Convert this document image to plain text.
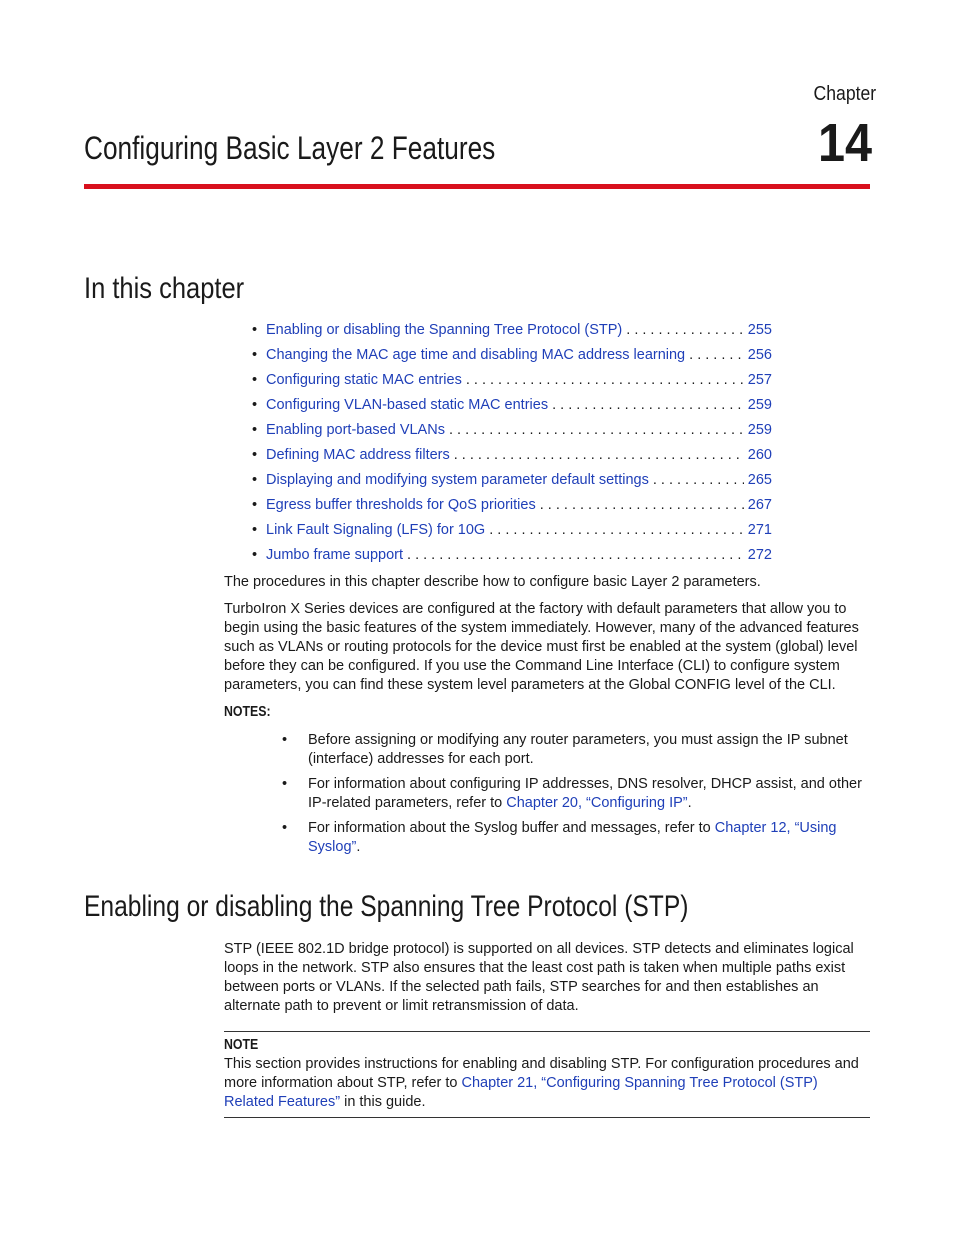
Chapter
14
Configuring Basic Layer 2 Features
In this chapter
• Enabling or disabling the Spanning Tree Protocol (STP) . . .	255
• Changing the MAC age time and disabling MAC address learning . . .	256
• Configuring static MAC entries . . .	257
• Configuring VLAN-based static MAC entries . . .	259
• Enabling port-based VLANs . . .	259
• Defining MAC address filters . . .	260
• Displaying and modifying system parameter default settings . . .	265
• Egress buffer thresholds for QoS priorities . . .	267
• Link Fault Signaling (LFS) for 10G . . .	271
• Jumbo frame support . . .	272

The procedures in this chapter describe how to configure basic Layer 2 parameters.

TurboIron X Series devices are configured at the factory with default parameters that allow you to begin using the basic features of the system immediately. However, many of the advanced features such as VLANs or routing protocols for the device must first be enabled at the system (global) level before they can be configured. If you use the Command Line Interface (CLI) to configure system parameters, you can find these system level parameters at the Global CONFIG level of the CLI.

NOTES:
• Before assigning or modifying any router parameters, you must assign the IP subnet (interface) addresses for each port.
• For information about configuring IP addresses, DNS resolver, DHCP assist, and other IP-related parameters, refer to Chapter 20, “Configuring IP”.
• For information about the Syslog buffer and messages, refer to Chapter 12, “Using Syslog”.
Enabling or disabling the Spanning Tree Protocol (STP)

STP (IEEE 802.1D bridge protocol) is supported on all devices. STP detects and eliminates logical loops in the network. STP also ensures that the least cost path is taken when multiple paths exist between ports or VLANs. If the selected path fails, STP searches for and then establishes an alternate path to prevent or limit retransmission of data.

NOTE

This section provides instructions for enabling and disabling STP. For configuration procedures and more information about STP, refer to Chapter 21, “Configuring Spanning Tree Protocol (STP) Related Features” in this guide.
